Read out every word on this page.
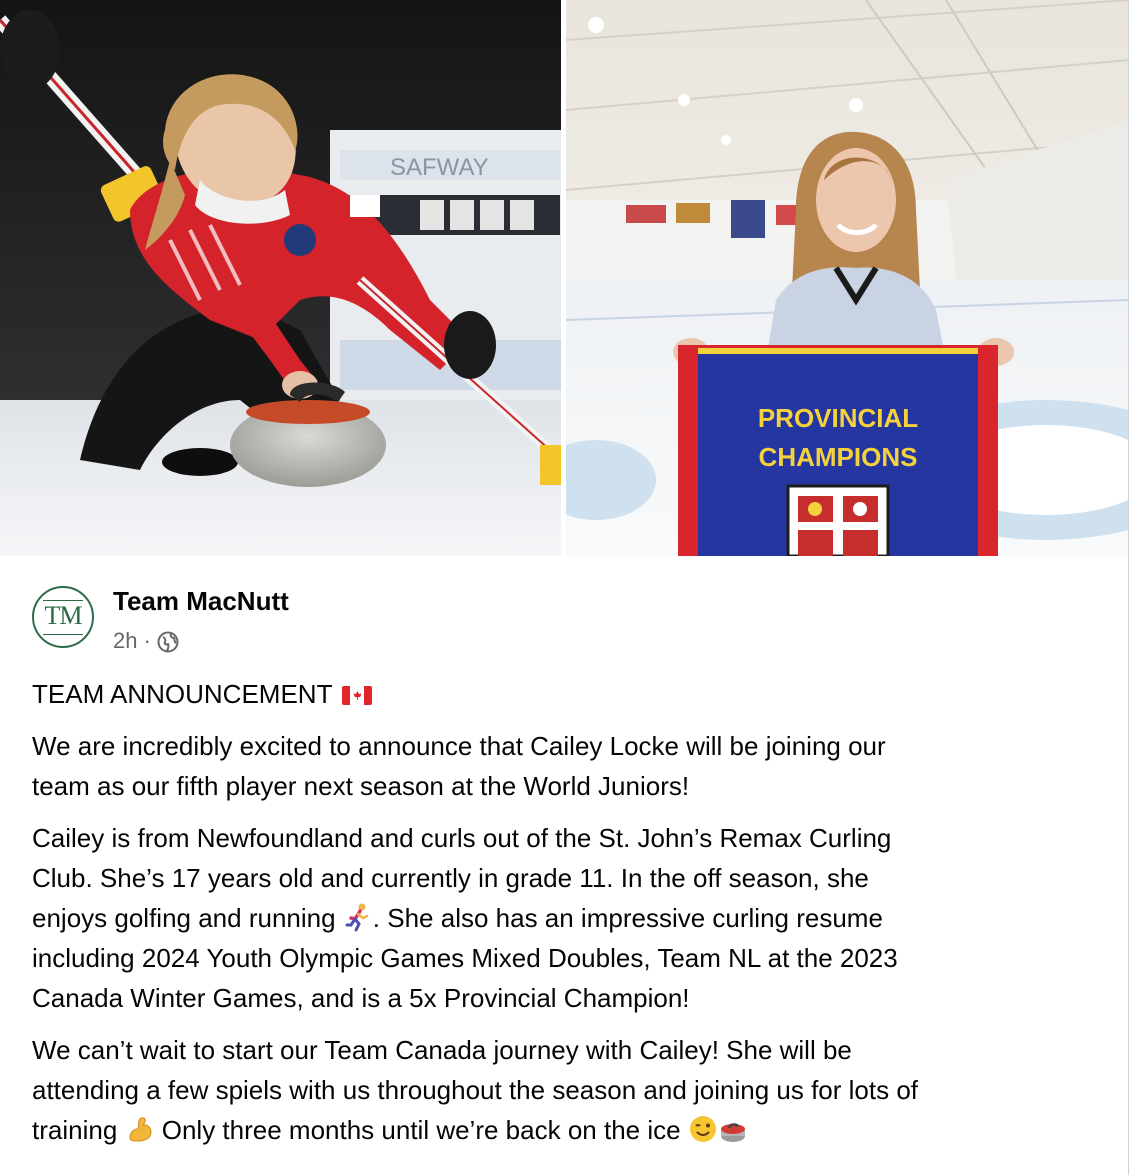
SAFWAY
PROVINCIAL
CHAMPIONS
TM	Team MacNutt
2h ·
TEAM ANNOUNCEMENT
We are incredibly excited to announce that Cailey Locke will be joining our
team as our fifth player next season at the World Juniors!
Cailey is from Newfoundland and curls out of the St. John’s Remax Curling
Club. She’s 17 years old and currently in grade 11. In the off season, she
enjoys golfing and running . She also has an impressive curling resume
including 2024 Youth Olympic Games Mixed Doubles, Team NL at the 2023
Canada Winter Games, and is a 5x Provincial Champion!
We can’t wait to start our Team Canada journey with Cailey! She will be
attending a few spiels with us throughout the season and joining us for lots of
training Only three months until we’re back on the ice
